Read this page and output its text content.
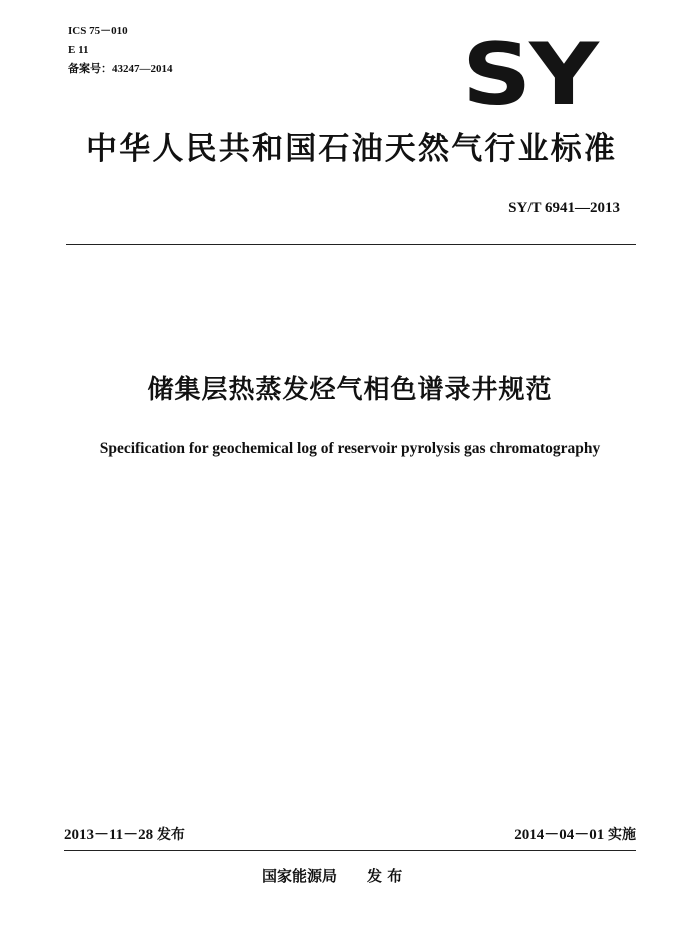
ICS 75－010
E 11
备案号：43247—2014	SY
中华人民共和国石油天然气行业标准
SY/T 6941—2013
储集层热蒸发烃气相色谱录井规范
Specification for geochemical log of reservoir pyrolysis gas chromatography
2013－11－28 发布	2014－04－01 实施
国家能源局 发 布
